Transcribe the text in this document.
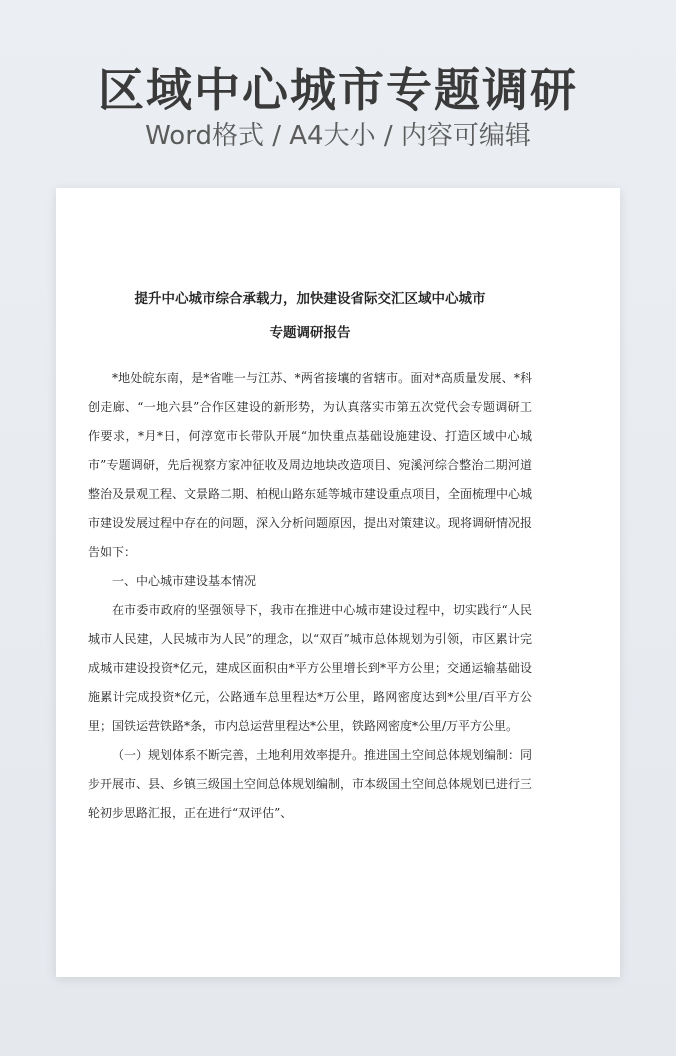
区域中心城市专题调研
Word格式 / A4大小 / 内容可编辑

提升中心城市综合承载力，加快建设省际交汇区域中心城市

专题调研报告

*地处皖东南，是*省唯一与江苏、*两省接壤的省辖市。面对*高质量发展、*科创走廊、“一地六县”合作区建设的新形势，为认真落实市第五次党代会专题调研工作要求，*月*日，何淳宽市长带队开展“加快重点基础设施建设、打造区域中心城市”专题调研，先后视察方家冲征收及周边地块改造项目、宛溪河综合整治二期河道整治及景观工程、文景路二期、柏枧山路东延等城市建设重点项目，全面梳理中心城市建设发展过程中存在的问题，深入分析问题原因，提出对策建议。现将调研情况报告如下：

一、中心城市建设基本情况

在市委市政府的坚强领导下，我市在推进中心城市建设过程中，切实践行“人民城市人民建，人民城市为人民”的理念，以“双百”城市总体规划为引领，市区累计完成城市建设投资*亿元，建成区面积由*平方公里增长到*平方公里；交通运输基础设施累计完成投资*亿元，公路通车总里程达*万公里，路网密度达到*公里/百平方公里；国铁运营铁路*条，市内总运营里程达*公里，铁路网密度*公里/万平方公里。

（一）规划体系不断完善，土地利用效率提升。推进国土空间总体规划编制：同步开展市、县、乡镇三级国土空间总体规划编制，市本级国土空间总体规划已进行三轮初步思路汇报，正在进行“双评估”、
